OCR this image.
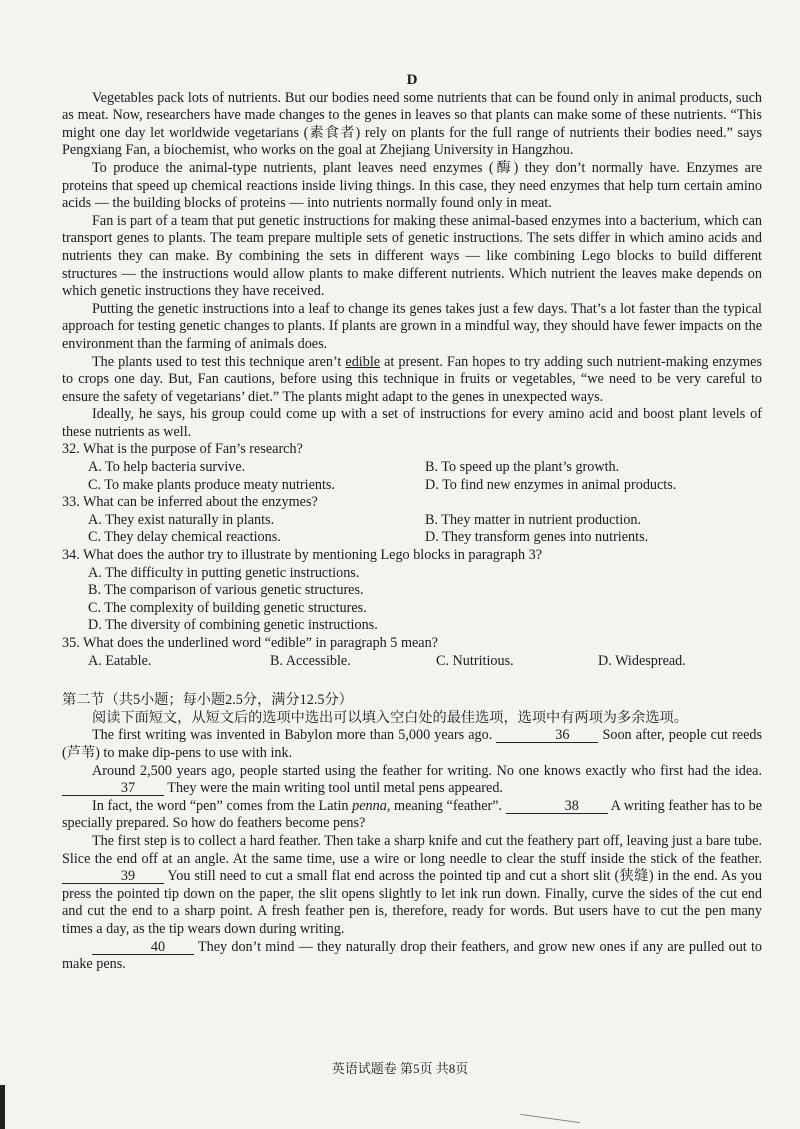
D

Vegetables pack lots of nutrients. But our bodies need some nutrients that can be found only in animal products, such as meat. Now, researchers have made changes to the genes in leaves so that plants can make some of these nutrients. “This might one day let worldwide vegetarians (素食者) rely on plants for the full range of nutrients their bodies need.” says Pengxiang Fan, a biochemist, who works on the goal at Zhejiang University in Hangzhou.

To produce the animal-type nutrients, plant leaves need enzymes (酶) they don’t normally have. Enzymes are proteins that speed up chemical reactions inside living things. In this case, they need enzymes that help turn certain amino acids — the building blocks of proteins — into nutrients normally found only in meat.

Fan is part of a team that put genetic instructions for making these animal-based enzymes into a bacterium, which can transport genes to plants. The team prepare multiple sets of genetic instructions. The sets differ in which amino acids and nutrients they can make. By combining the sets in different ways — like combining Lego blocks to build different structures — the instructions would allow plants to make different nutrients. Which nutrient the leaves make depends on which genetic instructions they have received.

Putting the genetic instructions into a leaf to change its genes takes just a few days. That’s a lot faster than the typical approach for testing genetic changes to plants. If plants are grown in a mindful way, they should have fewer impacts on the environment than the farming of animals does.

The plants used to test this technique aren’t edible at present. Fan hopes to try adding such nutrient-making enzymes to crops one day. But, Fan cautions, before using this technique in fruits or vegetables, “we need to be very careful to ensure the safety of vegetarians’ diet.” The plants might adapt to the genes in unexpected ways.

Ideally, he says, his group could come up with a set of instructions for every amino acid and boost plant levels of these nutrients as well.

32. What is the purpose of Fan’s research?
A. To help bacteria survive.	B. To speed up the plant’s growth.
C. To make plants produce meaty nutrients.	D. To find new enzymes in animal products.
33. What can be inferred about the enzymes?
A. They exist naturally in plants.	B. They matter in nutrient production.
C. They delay chemical reactions.	D. They transform genes into nutrients.
34. What does the author try to illustrate by mentioning Lego blocks in paragraph 3?
A. The difficulty in putting genetic instructions.
B. The comparison of various genetic structures.
C. The complexity of building genetic structures.
D. The diversity of combining genetic instructions.
35. What does the underlined word “edible” in paragraph 5 mean?
A. Eatable.	B. Accessible.	C. Nutritious.	D. Widespread.
第二节（共5小题；每小题2.5分，满分12.5分）

阅读下面短文，从短文后的选项中选出可以填入空白处的最佳选项，选项中有两项为多余选项。

The first writing was invented in Babylon more than 5,000 years ago.	36 Soon after, people cut reeds (芦苇) to make dip-pens to use with ink.

Around 2,500 years ago, people started using the feather for writing. No one knows exactly who first had the idea. 37 They were the main writing tool until metal pens appeared.

In fact, the word “pen” comes from the Latin penna, meaning “feather”.	38 A writing feather has to be specially prepared. So how do feathers become pens?

The first step is to collect a hard feather. Then take a sharp knife and cut the feathery part off, leaving just a bare tube. Slice the end off at an angle. At the same time, use a wire or long needle to clear the stuff inside the stick of the feather. 39 You still need to cut a small flat end across the pointed tip and cut a short slit (狭缝) in the end. As you press the pointed tip down on the paper, the slit opens slightly to let ink run down. Finally, curve the sides of the cut end and cut the end to a sharp point. A fresh feather pen is, therefore, ready for words. But users have to cut the pen many times a day, as the tip wears down during writing.

40 They don’t mind — they naturally drop their feathers, and grow new ones if any are pulled out to make pens.

英语试题卷 第5页 共8页
